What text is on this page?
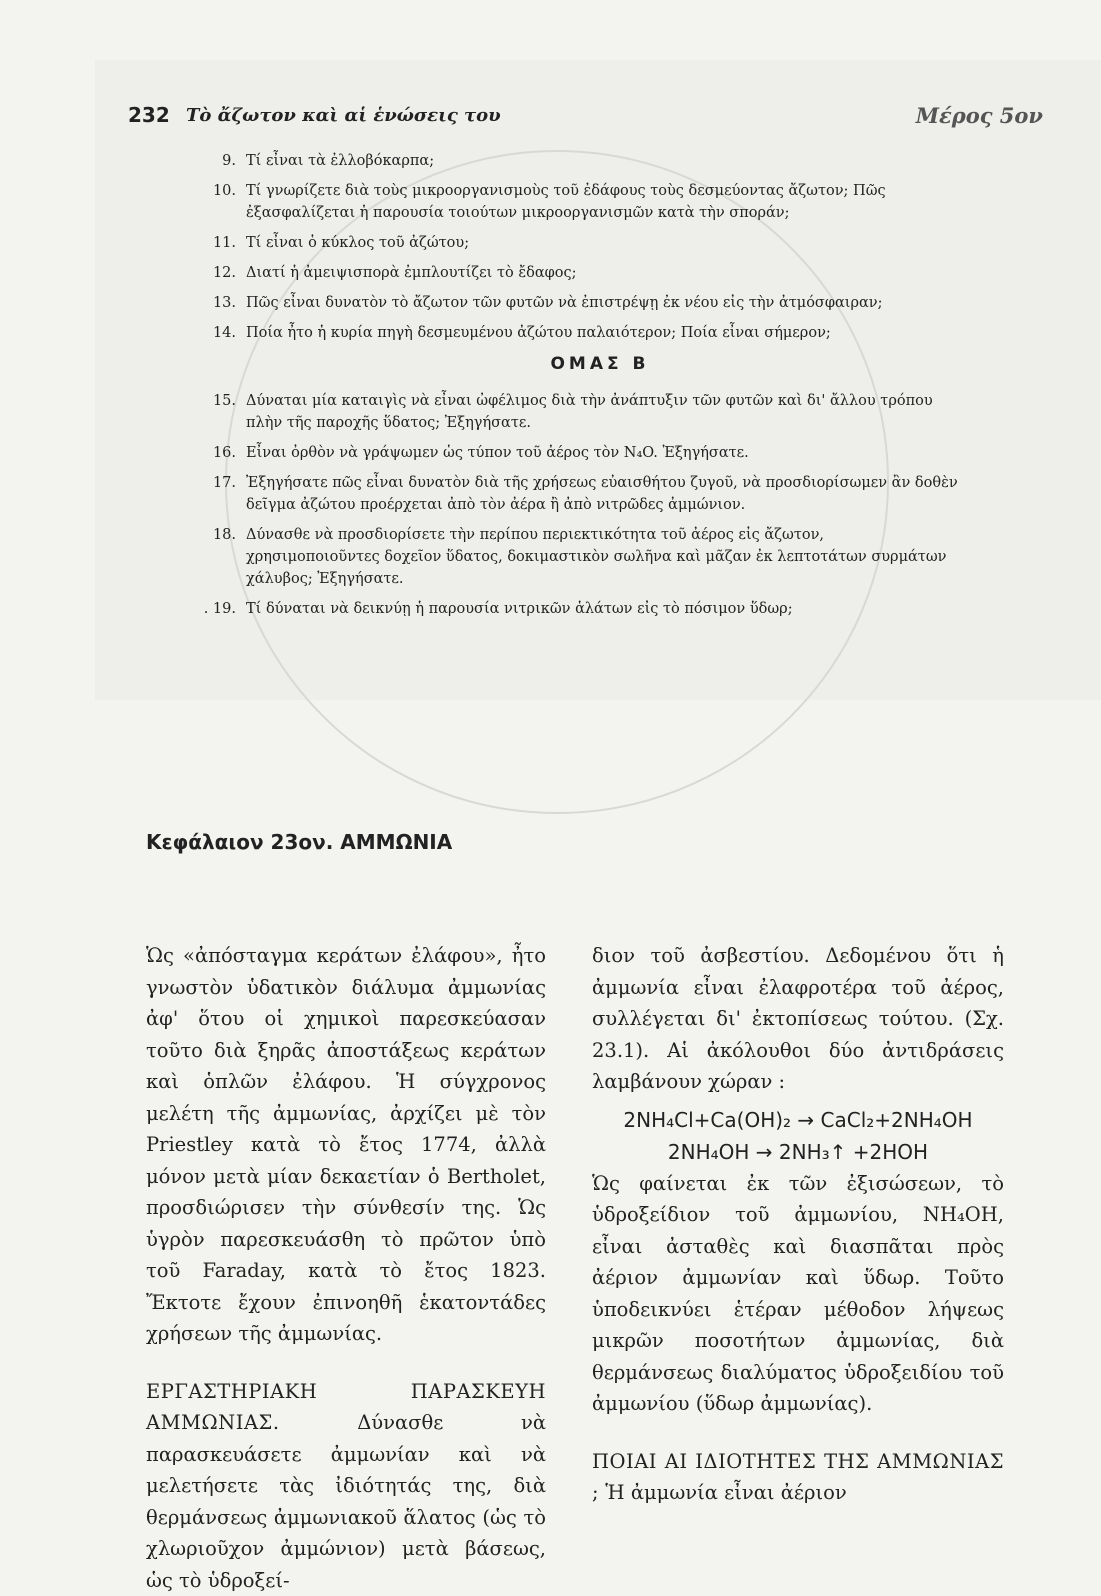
232 Τὸ ἄζωτον καὶ αἱ ἑνώσεις του	Μέρος 5ον
9. Τί εἶναι τὰ ἐλλοβόκαρπα;
10. Τί γνωρίζετε διὰ τοὺς μικροοργανισμοὺς τοῦ ἐδάφους τοὺς δεσμεύοντας ἄζωτον; Πῶς ἐξασφαλίζεται ἡ παρουσία τοιούτων μικροοργανισμῶν κατὰ τὴν σποράν;
11. Τί εἶναι ὁ κύκλος τοῦ ἀζώτου;
12. Διατί ἡ ἀμειψισπορὰ ἐμπλουτίζει τὸ ἔδαφος;
13. Πῶς εἶναι δυνατὸν τὸ ἄζωτον τῶν φυτῶν νὰ ἐπιστρέψῃ ἐκ νέου εἰς τὴν ἀτμόσφαιραν;
14. Ποία ἦτο ἡ κυρία πηγὴ δεσμευμένου ἀζώτου παλαιότερον; Ποία εἶναι σήμερον;
ΟΜΑΣ Β
15. Δύναται μία καταιγὶς νὰ εἶναι ὠφέλιμος διὰ τὴν ἀνάπτυξιν τῶν φυτῶν καὶ δι' ἄλλου τρόπου πλὴν τῆς παροχῆς ὕδατος; Ἐξηγήσατε.
16. Εἶναι ὀρθὸν νὰ γράψωμεν ὡς τύπον τοῦ ἀέρος τὸν N₄O. Ἐξηγήσατε.
17. Ἐξηγήσατε πῶς εἶναι δυνατὸν διὰ τῆς χρήσεως εὐαισθήτου ζυγοῦ, νὰ προσδιορίσωμεν ἂν δοθὲν δεῖγμα ἀζώτου προέρχεται ἀπὸ τὸν ἀέρα ἢ ἀπὸ νιτρῶδες ἀμμώνιον.
18. Δύνασθε νὰ προσδιορίσετε τὴν περίπου περιεκτικότητα τοῦ ἀέρος εἰς ἄζωτον, χρησιμοποιοῦντες δοχεῖον ὕδατος, δοκιμαστικὸν σωλῆνα καὶ μᾶζαν ἐκ λεπτοτάτων συρμάτων χάλυβος; Ἐξηγήσατε.
. 19. Τί δύναται νὰ δεικνύῃ ἡ παρουσία νιτρικῶν ἁλάτων εἰς τὸ πόσιμον ὕδωρ;
Κεφάλαιον 23ον. ΑΜΜΩΝΙΑ

Ὡς «ἀπόσταγμα κεράτων ἐλάφου», ἦτο γνωστὸν ὑδατικὸν διάλυμα ἀμμωνίας ἀφ' ὅτου οἱ χημικοὶ παρεσκεύασαν τοῦτο διὰ ξηρᾶς ἀποστάξεως κεράτων καὶ ὁπλῶν ἐλάφου. Ἡ σύγχρονος μελέτη τῆς ἀμμωνίας, ἀρχίζει μὲ τὸν Priestley κατὰ τὸ ἔτος 1774, ἀλλὰ μόνον μετὰ μίαν δεκαετίαν ὁ Bertholet, προσδιώρισεν τὴν σύνθεσίν της. Ὡς ὑγρὸν παρεσκευάσθη τὸ πρῶτον ὑπὸ τοῦ Faraday, κατὰ τὸ ἔτος 1823. Ἔκτοτε ἔχουν ἐπινοηθῆ ἑκατοντάδες χρήσεων τῆς ἀμμωνίας.

ΕΡΓΑΣΤΗΡΙΑΚΗ ΠΑΡΑΣΚΕΥΗ ΑΜΜΩΝΙΑΣ.	Δύνασθε νὰ παρασκευάσετε ἀμμωνίαν καὶ νὰ μελετήσετε τὰς ἰδιότητάς της, διὰ θερμάνσεως ἀμμωνιακοῦ ἅλατος (ὡς τὸ χλωριοῦχον ἀμμώνιον) μετὰ βάσεως, ὡς τὸ ὑδροξεί-

διον τοῦ ἀσβεστίου. Δεδομένου ὅτι ἡ ἀμμωνία εἶναι ἐλαφροτέρα τοῦ ἀέρος, συλλέγεται δι' ἐκτοπίσεως τούτου. (Σχ. 23.1). Αἱ ἀκόλουθοι δύο ἀντιδράσεις λαμβάνουν χώραν :

2NH₄Cl+Ca(OH)₂ → CaCl₂+2NH₄OH
2NH₄OH → 2NH₃↑ +2HOH

Ὡς φαίνεται ἐκ τῶν ἐξισώσεων, τὸ ὑδροξείδιον τοῦ ἀμμωνίου, NH₄OH, εἶναι ἀσταθὲς καὶ διασπᾶται πρὸς ἀέριον ἀμμωνίαν καὶ ὕδωρ. Τοῦτο ὑποδεικνύει ἑτέραν μέθοδον λήψεως μικρῶν ποσοτήτων ἀμμωνίας, διὰ θερμάνσεως διαλύματος ὑδροξειδίου τοῦ ἀμμωνίου (ὕδωρ ἀμμωνίας).

ΠΟΙΑΙ ΑΙ ΙΔΙΟΤΗΤΕΣ ΤΗΣ ΑΜΜΩΝΙΑΣ ; Ἡ ἀμμωνία εἶναι ἀέριον
